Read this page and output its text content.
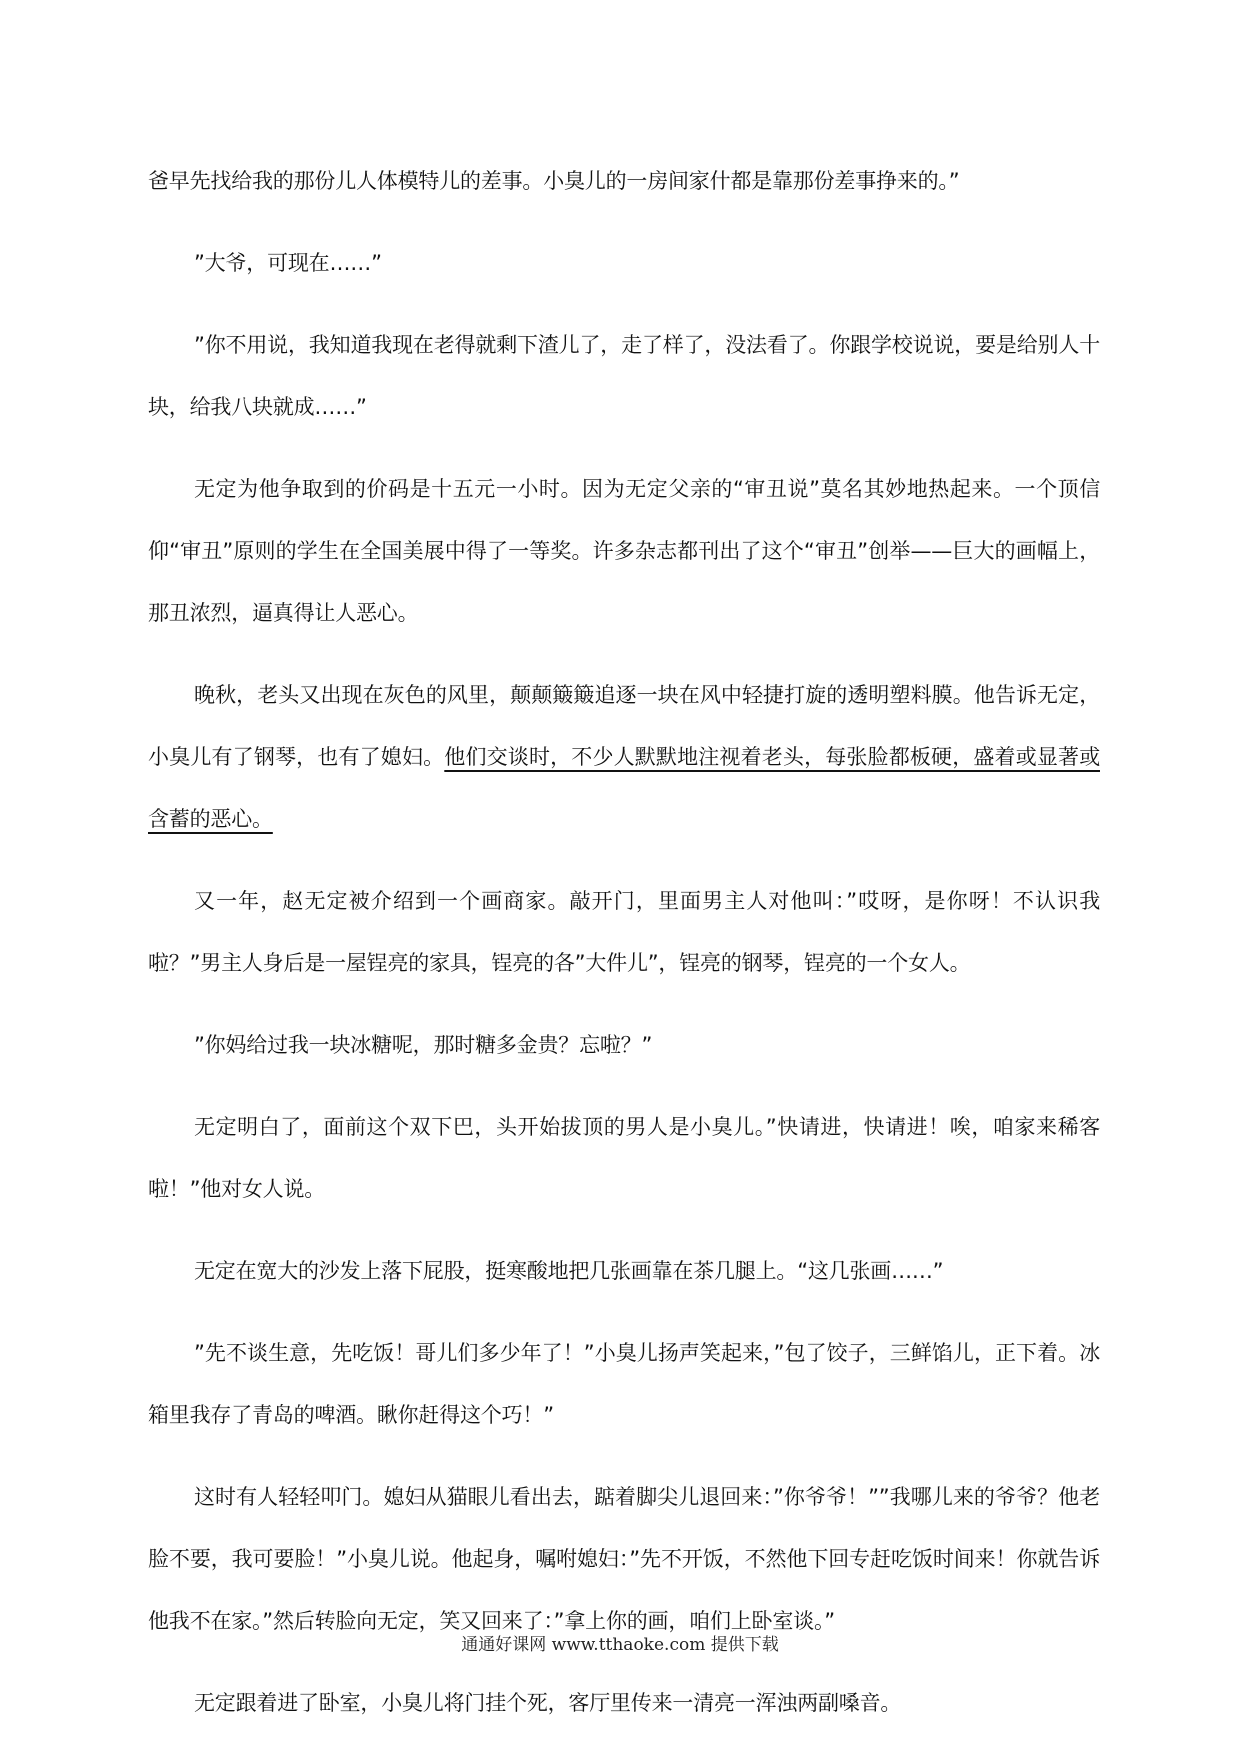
爸早先找给我的那份儿人体模特儿的差事。小臭儿的一房间家什都是靠那份差事挣来的。”

”大爷，可现在……”

”你不用说，我知道我现在老得就剩下渣儿了，走了样了，没法看了。你跟学校说说，要是给别人十块，给我八块就成……”

无定为他争取到的价码是十五元一小时。因为无定父亲的“审丑说”莫名其妙地热起来。一个顶信仰“审丑”原则的学生在全国美展中得了一等奖。许多杂志都刊出了这个“审丑”创举——巨大的画幅上，那丑浓烈，逼真得让人恶心。

晚秋，老头又出现在灰色的风里，颠颠簸簸追逐一块在风中轻捷打旋的透明塑料膜。他告诉无定，小臭儿有了钢琴，也有了媳妇。他们交谈时，不少人默默地注视着老头，每张脸都板硬，盛着或显著或含蓄的恶心。

又一年，赵无定被介绍到一个画商家。敲开门，里面男主人对他叫：”哎呀，是你呀！不认识我啦？”男主人身后是一屋锃亮的家具，锃亮的各”大件儿”，锃亮的钢琴，锃亮的一个女人。

”你妈给过我一块冰糖呢，那时糖多金贵？忘啦？”

无定明白了，面前这个双下巴，头开始拔顶的男人是小臭儿。”快请进，快请进！唉，咱家来稀客啦！”他对女人说。

无定在宽大的沙发上落下屁股，挺寒酸地把几张画靠在茶几腿上。“这几张画……”

”先不谈生意，先吃饭！哥儿们多少年了！”小臭儿扬声笑起来，”包了饺子，三鲜馅儿，正下着。冰箱里我存了青岛的啤酒。瞅你赶得这个巧！”

这时有人轻轻叩门。媳妇从猫眼儿看出去，踮着脚尖儿退回来：”你爷爷！””我哪儿来的爷爷？他老脸不要，我可要脸！”小臭儿说。他起身，嘱咐媳妇：”先不开饭，不然他下回专赶吃饭时间来！你就告诉他我不在家。”然后转脸向无定，笑又回来了：”拿上你的画，咱们上卧室谈。”

无定跟着进了卧室，小臭儿将门挂个死，客厅里传来一清亮一浑浊两副嗓音。

通通好课网 www.tthaoke.com 提供下载
